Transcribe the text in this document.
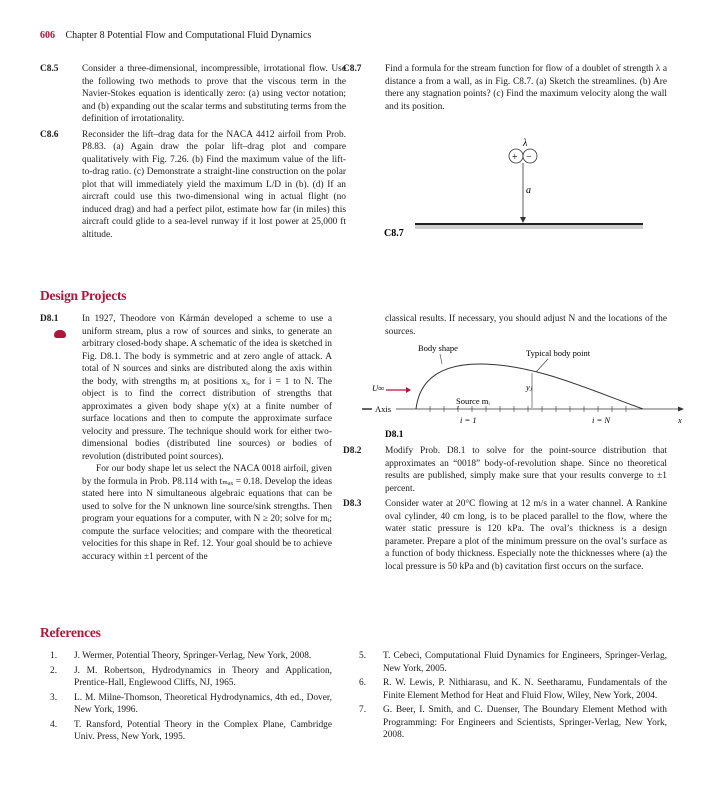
606 Chapter 8 Potential Flow and Computational Fluid Dynamics
C8.5	Consider a three-dimensional, incompressible, irrotational flow. Use the following two methods to prove that the viscous term in the Navier-Stokes equation is identically zero: (a) using vector notation; and (b) expanding out the scalar terms and substituting terms from the definition of irrotationality.
C8.6	Reconsider the lift–drag data for the NACA 4412 airfoil from Prob. P8.83. (a) Again draw the polar lift–drag plot and compare qualitatively with Fig. 7.26. (b) Find the maximum value of the lift-to-drag ratio. (c) Demonstrate a straight-line construction on the polar plot that will immediately yield the maximum L/D in (b). (d) If an aircraft could use this two-dimensional wing in actual flight (no induced drag) and had a perfect pilot, estimate how far (in miles) this aircraft could glide to a sea-level runway if it lost power at 25,000 ft altitude.
C8.7	Find a formula for the stream function for flow of a doublet of strength λ a distance a from a wall, as in Fig. C8.7. (a) Sketch the streamlines. (b) Are there any stagnation points? (c) Find the maximum velocity along the wall and its position.
λ
+ −
a
C8.7
Design Projects
D8.1	In 1927, Theodore von Kármán developed a scheme to use a uniform stream, plus a row of sources and sinks, to generate an arbitrary closed-body shape. A schematic of the idea is sketched in Fig. D8.1. The body is symmetric and at zero angle of attack. A total of N sources and sinks are distributed along the axis within the body, with strengths mᵢ at positions xᵢ, for i = 1 to N. The object is to find the correct distribution of strengths that approximates a given body shape y(x) at a finite number of surface locations and then to compute the approximate surface velocity and pressure. The technique should work for either two-dimensional bodies (distributed line sources) or bodies of revolution (distributed point sources).

For our body shape let us select the NACA 0018 airfoil, given by the formula in Prob. P8.114 with tₘₐₓ = 0.18. Develop the ideas stated here into N simultaneous algebraic equations that can be used to solve for the N unknown line source/sink strengths. Then program your equations for a computer, with N ≥ 20; solve for mᵢ; compute the surface velocities; and compare with the theoretical velocities for this shape in Ref. 12. Your goal should be to achieve accuracy within ±1 percent of the

classical results. If necessary, you should adjust N and the locations of the sources.

Body shape	Typical body point
U∞
Axis
x
Source mᵢ
yⱼ
i = 1	i = N
D8.1
D8.2	Modify Prob. D8.1 to solve for the point-source distribution that approximates an “0018” body-of-revolution shape. Since no theoretical results are published, simply make sure that your results converge to ±1 percent.
D8.3	Consider water at 20°C flowing at 12 m/s in a water channel. A Rankine oval cylinder, 40 cm long, is to be placed parallel to the flow, where the water static pressure is 120 kPa. The oval’s thickness is a design parameter. Prepare a plot of the minimum pressure on the oval’s surface as a function of body thickness. Especially note the thicknesses where (a) the local pressure is 50 kPa and (b) cavitation first occurs on the surface.
References
1. J. Wermer, Potential Theory, Springer-Verlag, New York, 2008.
2. J. M. Robertson, Hydrodynamics in Theory and Application, Prentice-Hall, Englewood Cliffs, NJ, 1965.
3. L. M. Milne-Thomson, Theoretical Hydrodynamics, 4th ed., Dover, New York, 1996.
4. T. Ransford, Potential Theory in the Complex Plane, Cambridge Univ. Press, New York, 1995.
5. T. Cebeci, Computational Fluid Dynamics for Engineers, Springer-Verlag, New York, 2005.
6. R. W. Lewis, P. Nithiarasu, and K. N. Seetharamu, Fundamentals of the Finite Element Method for Heat and Fluid Flow, Wiley, New York, 2004.
7. G. Beer, I. Smith, and C. Duenser, The Boundary Element Method with Programming: For Engineers and Scientists, Springer-Verlag, New York, 2008.
